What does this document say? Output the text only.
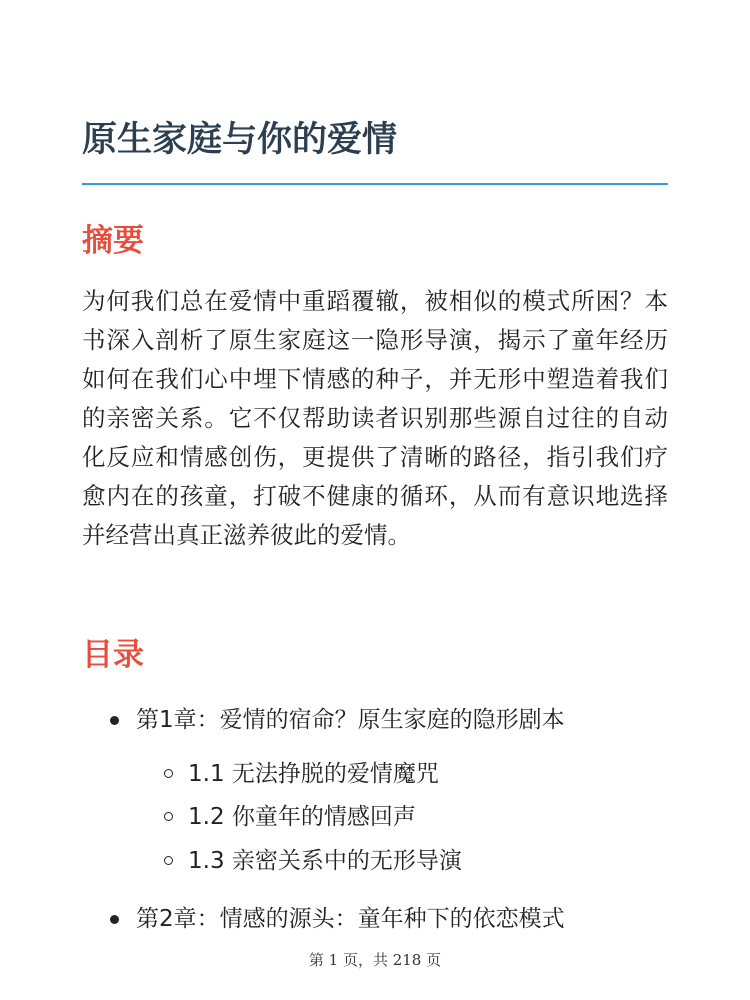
原生家庭与你的爱情
摘要

为何我们总在爱情中重蹈覆辙，被相似的模式所困？本书深入剖析了原生家庭这一隐形导演，揭示了童年经历如何在我们心中埋下情感的种子，并无形中塑造着我们的亲密关系。它不仅帮助读者识别那些源自过往的自动化反应和情感创伤，更提供了清晰的路径，指引我们疗愈内在的孩童，打破不健康的循环，从而有意识地选择并经营出真正滋养彼此的爱情。

目录
第1章：爱情的宿命？原生家庭的隐形剧本
1.1 无法挣脱的爱情魔咒
1.2 你童年的情感回声
1.3 亲密关系中的无形导演
第2章：情感的源头：童年种下的依恋模式
第 1 页，共 218 页
